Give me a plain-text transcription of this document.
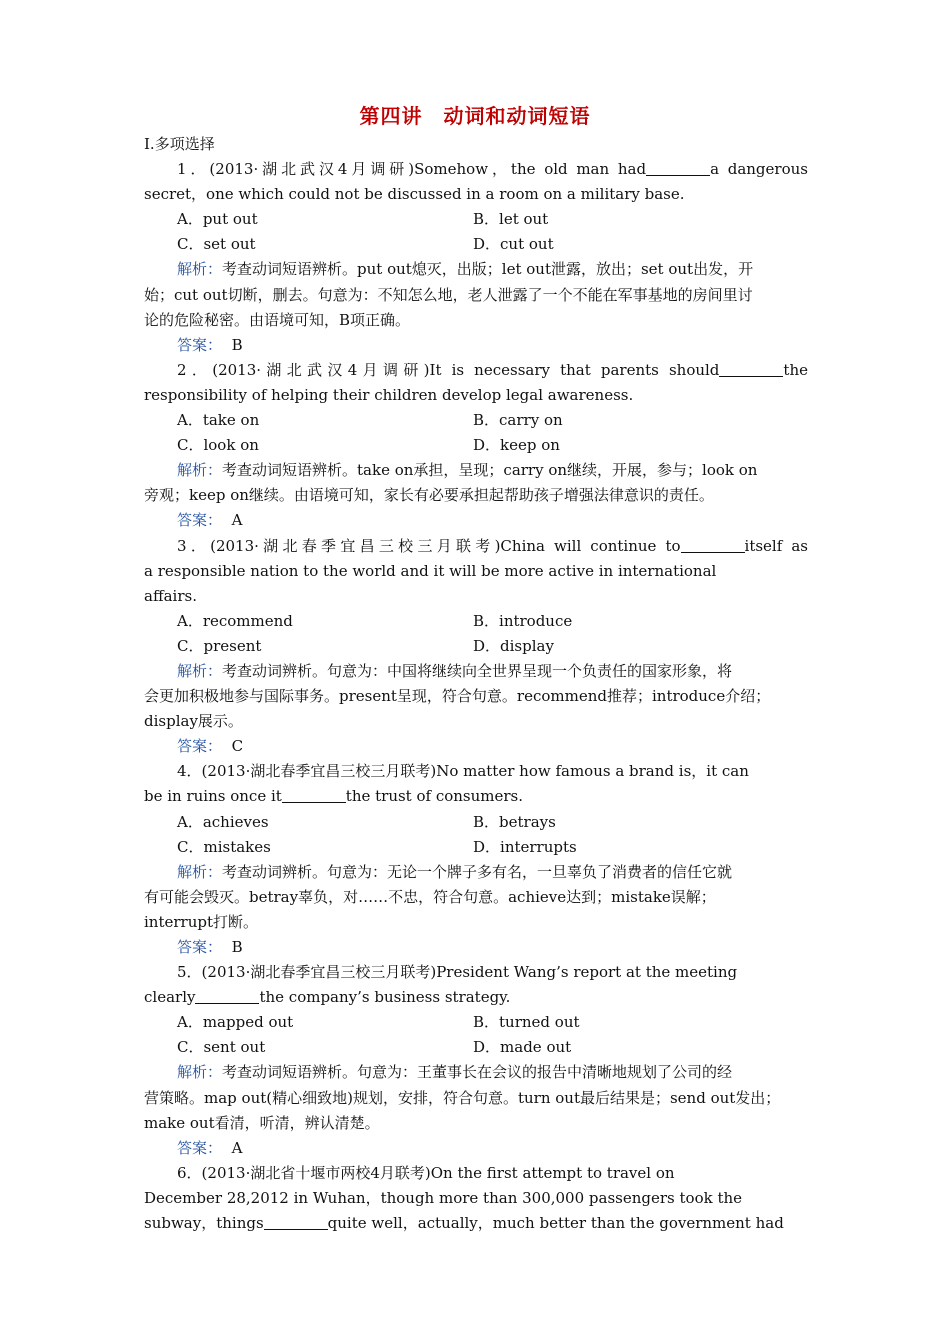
第四讲　动词和动词短语
Ⅰ.多项选择
1．(2013·湖北武汉4月调研)Somehow，the old man had	a dangerous
secret，one which could not be discussed in a room on a military base.
A．put out	B．let out
C．set out	D．cut out
解析：考查动词短语辨析。put out熄灭，出版；let out泄露，放出；set out出发，开
始；cut out切断，删去。句意为：不知怎么地，老人泄露了一个不能在军事基地的房间里讨
论的危险秘密。由语境可知，B项正确。
答案： B
2．(2013·湖北武汉4月调研)It is necessary that parents should	the
responsibility of helping their children develop legal awareness.
A．take on	B．carry on
C．look on	D．keep on
解析：考查动词短语辨析。take on承担，呈现；carry on继续，开展，参与；look on
旁观；keep on继续。由语境可知，家长有必要承担起帮助孩子增强法律意识的责任。
答案： A
3．(2013·湖北春季宜昌三校三月联考)China will continue to	itself as
a responsible nation to the world and it will be more active in international
affairs.
A．recommend	B．introduce
C．present	D．display
解析：考查动词辨析。句意为：中国将继续向全世界呈现一个负责任的国家形象，将
会更加积极地参与国际事务。present呈现，符合句意。recommend推荐；introduce介绍；
display展示。
答案： C
4．(2013·湖北春季宜昌三校三月联考)No matter how famous a brand is，it can
be in ruins once it	the trust of consumers.
A．achieves	B．betrays
C．mistakes	D．interrupts
解析：考查动词辨析。句意为：无论一个牌子多有名，一旦辜负了消费者的信任它就
有可能会毁灭。betray辜负，对……不忠，符合句意。achieve达到；mistake误解；
interrupt打断。
答案： B
5．(2013·湖北春季宜昌三校三月联考)President Wang’s report at the meeting
clearly	the company’s business strategy.
A．mapped out	B．turned out
C．sent out	D．made out
解析：考查动词短语辨析。句意为：王董事长在会议的报告中清晰地规划了公司的经
营策略。map out(精心细致地)规划，安排，符合句意。turn out最后结果是；send out发出；
make out看清，听清，辨认清楚。
答案： A
6．(2013·湖北省十堰市两校4月联考)On the first attempt to travel on
December 28,2012 in Wuhan，though more than 300,000 passengers took the
subway，things	quite well，actually，much better than the government had
